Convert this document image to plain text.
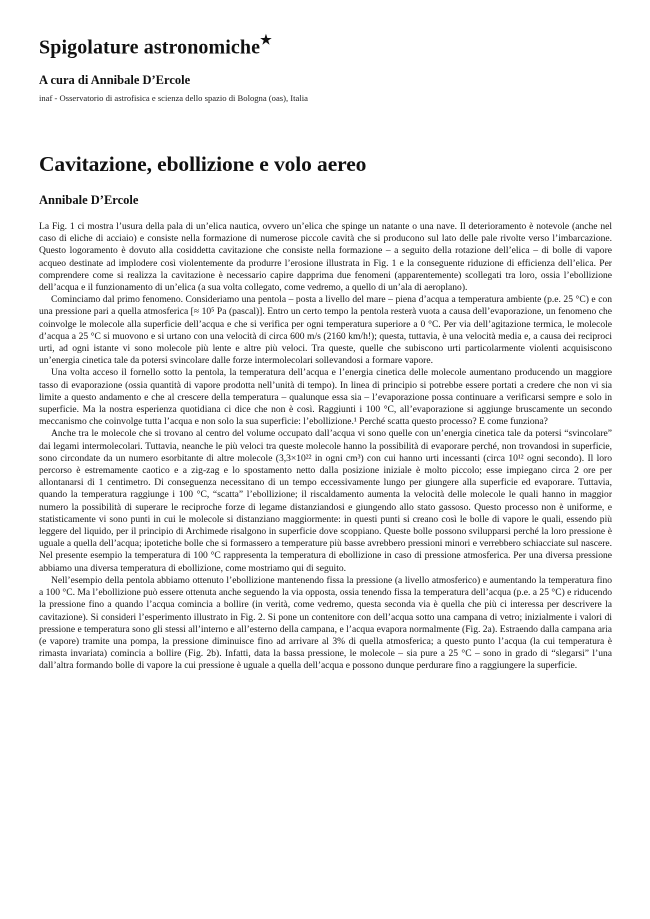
Spigolature astronomiche★
A cura di Annibale D’Ercole
inaf - Osservatorio di astrofisica e scienza dello spazio di Bologna (oas), Italia
Cavitazione, ebollizione e volo aereo
Annibale D’Ercole

La Fig. 1 ci mostra l’usura della pala di un’elica nautica, ovvero un’elica che spinge un natante o una nave. Il deterioramento è notevole (anche nel caso di eliche di acciaio) e consiste nella formazione di numerose piccole cavità che si producono sul lato delle pale rivolte verso l’imbarcazione. Questo logoramento è dovuto alla cosiddetta cavitazione che consiste nella formazione – a seguito della rotazione dell’elica – di bolle di vapore acqueo destinate ad implodere così violentemente da produrre l’erosione illustrata in Fig. 1 e la conseguente riduzione di efficienza dell’elica. Per comprendere come si realizza la cavitazione è necessario capire dapprima due fenomeni (apparentemente) scollegati tra loro, ossia l’ebollizione dell’acqua e il funzionamento di un’elica (a sua volta collegato, come vedremo, a quello di un’ala di aeroplano).

Cominciamo dal primo fenomeno. Consideriamo una pentola – posta a livello del mare – piena d’acqua a temperatura ambiente (p.e. 25 °C) e con una pressione pari a quella atmosferica [≈ 10⁵ Pa (pascal)]. Entro un certo tempo la pentola resterà vuota a causa dell’evaporazione, un fenomeno che coinvolge le molecole alla superficie dell’acqua e che si verifica per ogni temperatura superiore a 0 °C. Per via dell’agitazione termica, le molecole d’acqua a 25 °C si muovono e si urtano con una velocità di circa 600 m/s (2160 km/h!); questa, tuttavia, è una velocità media e, a causa dei reciproci urti, ad ogni istante vi sono molecole più lente e altre più veloci. Tra queste, quelle che subiscono urti particolarmente violenti acquisiscono un’energia cinetica tale da potersi svincolare dalle forze intermolecolari sollevandosi a formare vapore.

Una volta acceso il fornello sotto la pentola, la temperatura dell’acqua e l’energia cinetica delle molecole aumentano producendo un maggiore tasso di evaporazione (ossia quantità di vapore prodotta nell’unità di tempo). In linea di principio si potrebbe essere portati a credere che non vi sia limite a questo andamento e che al crescere della temperatura – qualunque essa sia – l’evaporazione possa continuare a verificarsi sempre e solo in superficie. Ma la nostra esperienza quotidiana ci dice che non è così. Raggiunti i 100 °C, all’evaporazione si aggiunge bruscamente un secondo meccanismo che coinvolge tutta l’acqua e non solo la sua superficie: l’ebollizione.¹ Perché scatta questo processo? E come funziona?

Anche tra le molecole che si trovano al centro del volume occupato dall’acqua vi sono quelle con un’energia cinetica tale da potersi “svincolare” dai legami intermolecolari. Tuttavia, neanche le più veloci tra queste molecole hanno la possibilità di evaporare perché, non trovandosi in superficie, sono circondate da un numero esorbitante di altre molecole (3,3×10²² in ogni cm³) con cui hanno urti incessanti (circa 10¹² ogni secondo). Il loro percorso è estremamente caotico e a zig-zag e lo spostamento netto dalla posizione iniziale è molto piccolo; esse impiegano circa 2 ore per allontanarsi di 1 centimetro. Di conseguenza necessitano di un tempo eccessivamente lungo per giungere alla superficie ed evaporare. Tuttavia, quando la temperatura raggiunge i 100 °C, “scatta” l’ebollizione; il riscaldamento aumenta la velocità delle molecole le quali hanno in maggior numero la possibilità di superare le reciproche forze di legame distanziandosi e giungendo allo stato gassoso. Questo processo non è uniforme, e statisticamente vi sono punti in cui le molecole si distanziano maggiormente: in questi punti si creano così le bolle di vapore le quali, essendo più leggere del liquido, per il principio di Archimede risalgono in superficie dove scoppiano. Queste bolle possono svilupparsi perché la loro pressione è uguale a quella dell’acqua; ipotetiche bolle che si formassero a temperature più basse avrebbero pressioni minori e verrebbero schiacciate sul nascere. Nel presente esempio la temperatura di 100 °C rappresenta la temperatura di ebollizione in caso di pressione atmosferica. Per una diversa pressione abbiamo una diversa temperatura di ebollizione, come mostriamo qui di seguito.

Nell’esempio della pentola abbiamo ottenuto l’ebollizione mantenendo fissa la pressione (a livello atmosferico) e aumentando la temperatura fino a 100 °C. Ma l’ebollizione può essere ottenuta anche seguendo la via opposta, ossia tenendo fissa la temperatura dell’acqua (p.e. a 25 °C) e riducendo la pressione fino a quando l’acqua comincia a bollire (in verità, come vedremo, questa seconda via è quella che più ci interessa per descrivere la cavitazione). Si consideri l’esperimento illustrato in Fig. 2. Si pone un contenitore con dell’acqua sotto una campana di vetro; inizialmente i valori di pressione e temperatura sono gli stessi all’interno e all’esterno della campana, e l’acqua evapora normalmente (Fig. 2a). Estraendo dalla campana aria (e vapore) tramite una pompa, la pressione diminuisce fino ad arrivare al 3% di quella atmosferica; a questo punto l’acqua (la cui temperatura è rimasta invariata) comincia a bollire (Fig. 2b). Infatti, data la bassa pressione, le molecole – sia pure a 25 °C – sono in grado di “slegarsi” l’una dall’altra formando bolle di vapore la cui pressione è uguale a quella dell’acqua e possono dunque perdurare fino a raggiungere la superficie.
